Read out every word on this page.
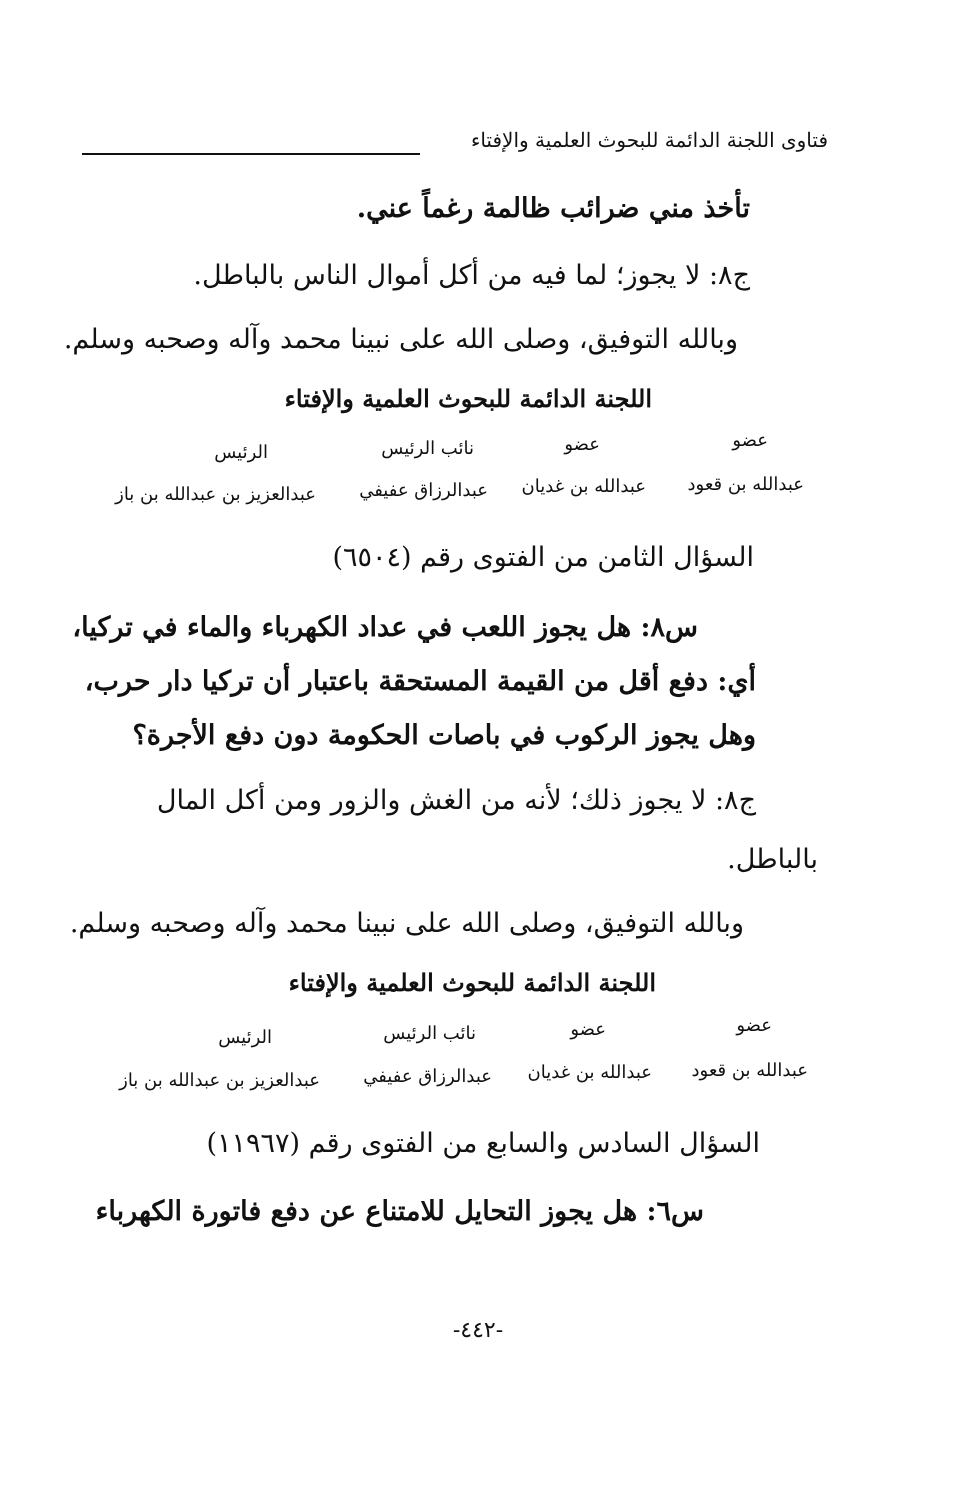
فتاوى اللجنة الدائمة للبحوث العلمية والإفتاء
تأخذ مني ضرائب ظالمة رغماً عني.
ج٨: لا يجوز؛ لما فيه من أكل أموال الناس بالباطل.
وبالله التوفيق، وصلى الله على نبينا محمد وآله وصحبه وسلم.
اللجنة الدائمة للبحوث العلمية والإفتاء
عضو
عضو
نائب الرئيس
الرئيس
عبدالله بن قعود
عبدالله بن غديان
عبدالرزاق عفيفي
عبدالعزيز بن عبدالله بن باز
السؤال الثامن من الفتوى رقم (٦٥٠٤)
س٨: هل يجوز اللعب في عداد الكهرباء والماء في تركيا،
أي: دفع أقل من القيمة المستحقة باعتبار أن تركيا دار حرب،
وهل يجوز الركوب في باصات الحكومة دون دفع الأجرة؟
ج٨: لا يجوز ذلك؛ لأنه من الغش والزور ومن أكل المال
بالباطل.
وبالله التوفيق، وصلى الله على نبينا محمد وآله وصحبه وسلم.
اللجنة الدائمة للبحوث العلمية والإفتاء
عضو
عضو
نائب الرئيس
الرئيس
عبدالله بن قعود
عبدالله بن غديان
عبدالرزاق عفيفي
عبدالعزيز بن عبدالله بن باز
السؤال السادس والسابع من الفتوى رقم (١١٩٦٧)
س٦: هل يجوز التحايل للامتناع عن دفع فاتورة الكهرباء
-٤٤٢-
